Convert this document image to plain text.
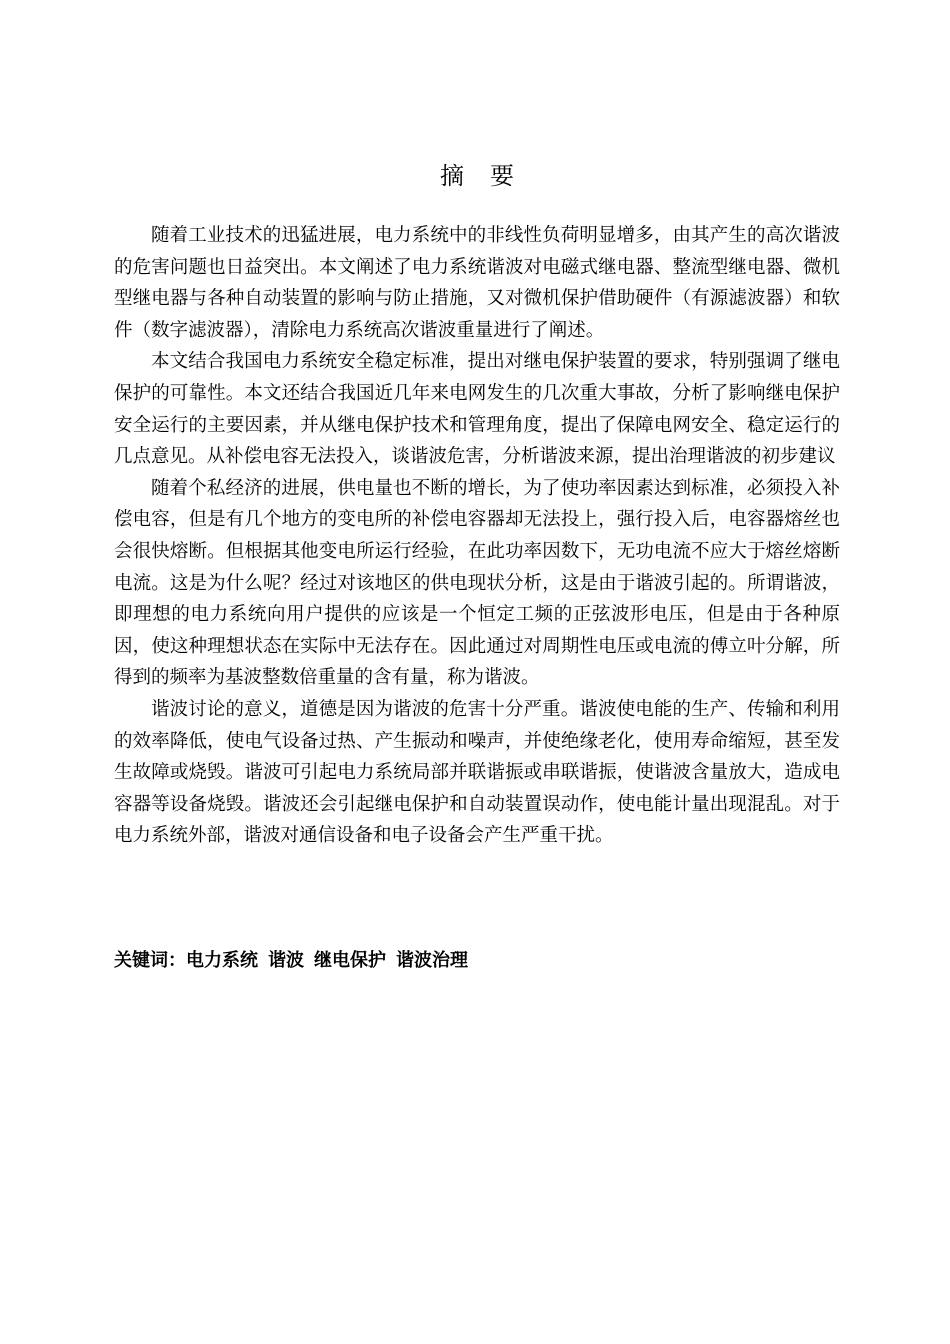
摘 要

随着工业技术的迅猛进展，电力系统中的非线性负荷明显增多，由其产生的高次谐波的危害问题也日益突出。本文阐述了电力系统谐波对电磁式继电器、整流型继电器、微机型继电器与各种自动装置的影响与防止措施，又对微机保护借助硬件（有源滤波器）和软件（数字滤波器），清除电力系统高次谐波重量进行了阐述。

本文结合我国电力系统安全稳定标准，提出对继电保护装置的要求，特别强调了继电保护的可靠性。本文还结合我国近几年来电网发生的几次重大事故，分析了影响继电保护安全运行的主要因素，并从继电保护技术和管理角度，提出了保障电网安全、稳定运行的几点意见。从补偿电容无法投入，谈谐波危害，分析谐波来源，提出治理谐波的初步建议

随着个私经济的进展，供电量也不断的增长，为了使功率因素达到标准，必须投入补偿电容，但是有几个地方的变电所的补偿电容器却无法投上，强行投入后，电容器熔丝也会很快熔断。但根据其他变电所运行经验，在此功率因数下，无功电流不应大于熔丝熔断电流。这是为什么呢？经过对该地区的供电现状分析，这是由于谐波引起的。所谓谐波，即理想的电力系统向用户提供的应该是一个恒定工频的正弦波形电压，但是由于各种原因，使这种理想状态在实际中无法存在。因此通过对周期性电压或电流的傅立叶分解，所得到的频率为基波整数倍重量的含有量，称为谐波。

谐波讨论的意义，道德是因为谐波的危害十分严重。谐波使电能的生产、传输和利用的效率降低，使电气设备过热、产生振动和噪声，并使绝缘老化，使用寿命缩短，甚至发生故障或烧毁。谐波可引起电力系统局部并联谐振或串联谐振，使谐波含量放大，造成电容器等设备烧毁。谐波还会引起继电保护和自动装置误动作，使电能计量出现混乱。对于电力系统外部，谐波对通信设备和电子设备会产生严重干扰。

关键词：电力系统 谐波 继电保护 谐波治理
